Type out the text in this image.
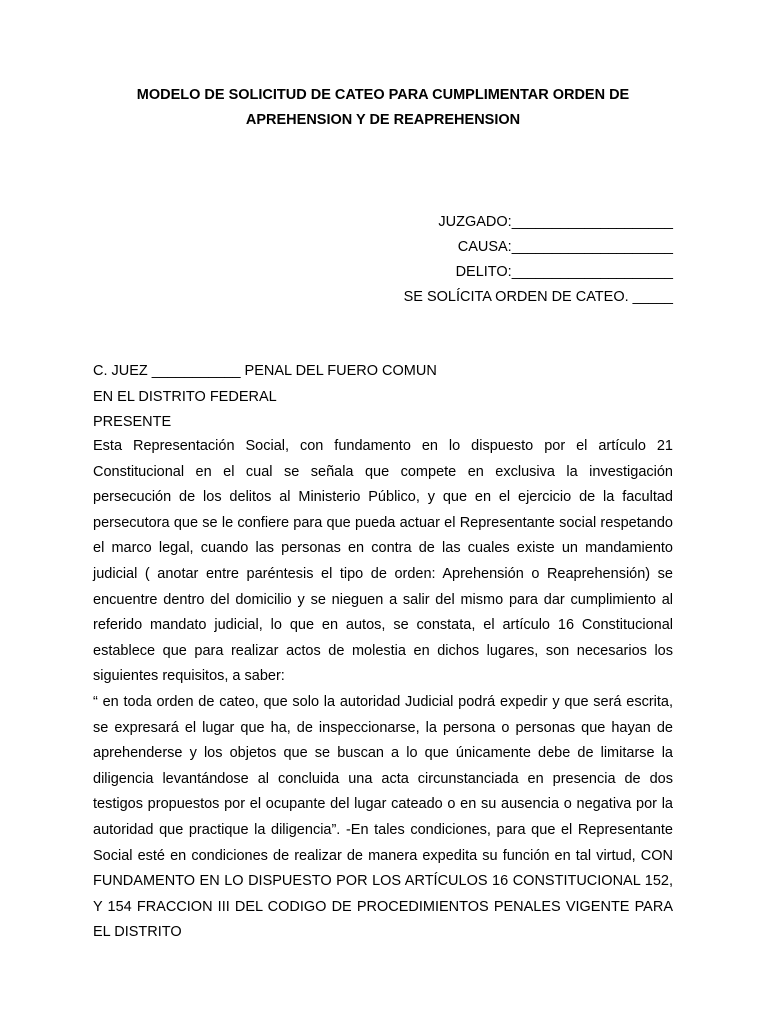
MODELO DE SOLICITUD DE CATEO PARA CUMPLIMENTAR ORDEN DE
APREHENSION Y DE REAPREHENSION
JUZGADO:____________________
CAUSA:____________________
DELITO:____________________
SE SOLÍCITA ORDEN DE CATEO. _____
C. JUEZ ___________ PENAL DEL FUERO COMUN
EN EL DISTRITO FEDERAL
PRESENTE

Esta Representación Social, con fundamento en lo dispuesto por el artículo 21 Constitucional en el cual se señala que compete en exclusiva la investigación persecución de los delitos al Ministerio Público, y que en el ejercicio de la facultad persecutora que se le confiere para que pueda actuar el Representante social respetando el marco legal, cuando las personas en contra de las cuales existe un mandamiento judicial ( anotar entre paréntesis el tipo de orden: Aprehensión o Reaprehensión) se encuentre dentro del domicilio y se nieguen a salir del mismo para dar cumplimiento al referido mandato judicial, lo que en autos, se constata, el artículo 16 Constitucional establece que para realizar actos de molestia en dichos lugares, son necesarios los siguientes requisitos, a saber:

“ en toda orden de cateo, que solo la autoridad Judicial podrá expedir y que será escrita, se expresará el lugar que ha, de inspeccionarse, la persona o personas que hayan de aprehenderse y los objetos que se buscan a lo que únicamente debe de limitarse la diligencia levantándose al concluida una acta circunstanciada en presencia de dos testigos propuestos por el ocupante del lugar cateado o en su ausencia o negativa por la autoridad que practique la diligencia”. -En tales condiciones, para que el Representante Social esté en condiciones de realizar de manera expedita su función en tal virtud, CON FUNDAMENTO EN LO DISPUESTO POR LOS ARTÍCULOS 16 CONSTITUCIONAL 152, Y 154 FRACCION III DEL CODIGO DE PROCEDIMIENTOS PENALES VIGENTE PARA EL DISTRITO
